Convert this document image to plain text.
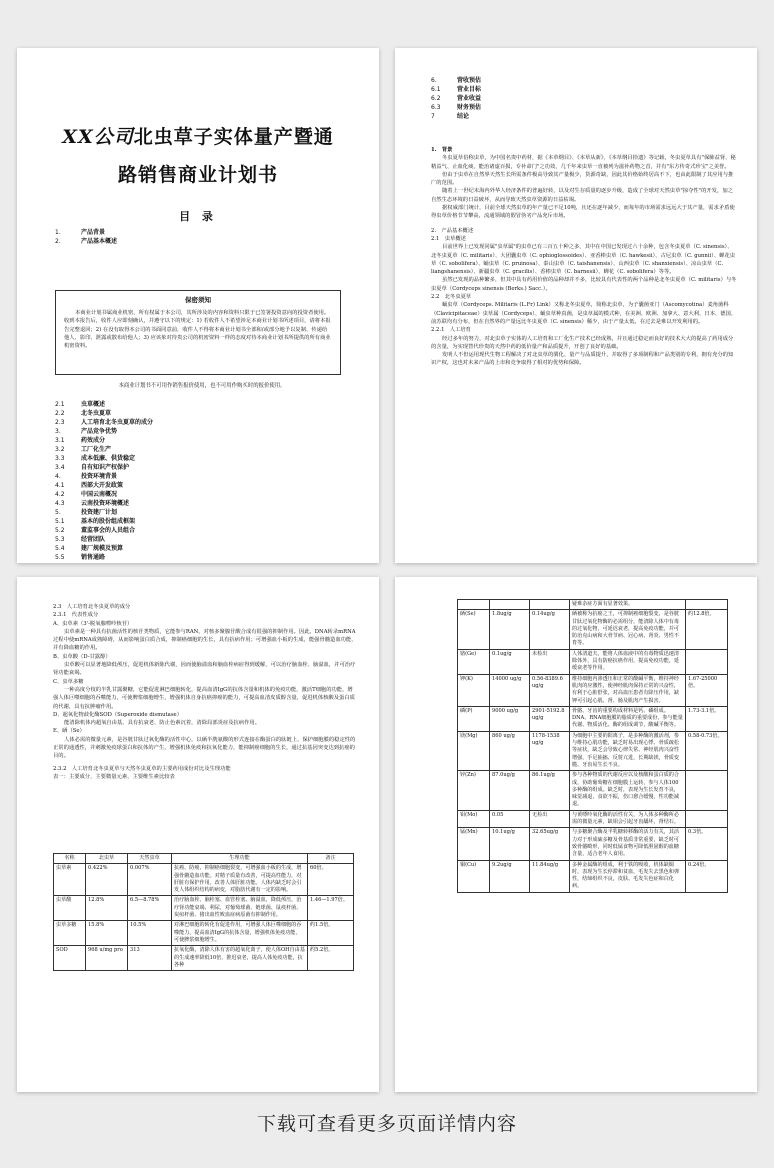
XX公司北虫草子实体量产暨通
路销售商业计划书
目 录
1.	产品背景
2.	产品基本概述
保密须知

本商业计划书属商业机密，所有权属于本公司，其所涉及的内容和资料只限于已签署投资意向的投资者使用。收到本报告后，收件人应即刻确认，并遵守以下的规定：1) 若收件人不希望涉足本商业计划书所述项目，请将本报告完整退回；2) 在没有取得本公司的书面同意前，收件人不得将本商业计划书全部和/或部分地予以复制、传递给他人、影印、泄露或散布给他人；3) 应该象对待贵公司的机密资料一样的态度对待本商业计划书所提供的所有商业机密资料。

本商业计划书不可用作销售报价使用，也不可用作购买时的报价使用。
2.1	虫草概述
2.2	北冬虫夏草
2.3	人工培育北冬虫夏草的成分
3.	产品竞争优势
3.1	药效成分
3.2	工厂化生产
3.3	成本低廉、供货稳定
3.4	自有知识产权保护
4.	投资环境背景
4.1	西部大开发政策
4.2	中国云南概况
4.3	云南投资环境概述
5.	投资建厂计划
5.1	基本的股份组成框架
5.2	董监事会的人员组合
5.3	经营团队
5.4	建厂规模及预算
5.5	销售通路
6.	营收预估
6.1	营业目标
6.2	营业收益
6.3	财务预估
7	结论
1.　背景

冬虫夏草俗称虫草，为中国名贵中药材，据《本草纲目》、《本草从新》、《本草纲目拾遗》等记载，冬虫夏草具有"保肺益肾、秘精益气、止血化痰，能治诸虚百损，专补命门"之功效，几千年来虫草一直被列为滋补药物之首，并有"东方传奇式珍宝"之美誉。

但由于虫草在自然界天然生长所需条件极高导致其产量极少，货源奇缺，因此其价格始终居高不下，也由此限制了其应用与推广的范围。

随着上一世纪末海内外华人经济条件的普遍好转，以及对生存质量的逐步升级，造成了全球对天然虫草"掠夺性"的开发，加之自然生态环境的日益破坏，从而导致天然虫草资源的日益枯竭。

据权威部门统计，目前全球天然虫草的年产量已不足10吨，且还在逐年减少，而每年的市场需求远远大于其产量，需求矛盾使得虫草价格节节攀高，流通领域的假冒伪劣产品充斥市场。

2.　产品基本概述
2.1　虫草概述

目前世界上已发现同属"虫草属"的虫草已有三百五十种之多，其中在中国已发现过六十余种，包含冬虫夏草（C. sinensis）、北冬虫夏草（C. militaris）、大团囊虫草（C. ophioglossoides）、亚香棒虫草（C. hawkesii）、古尼虫草（C. gunnii）、蝉花虫草（C. sobolifera）、蛹虫草（C. pruinosa）、泰山虫草（C. taishanensis）、山西虫草（C. shanxiensis）、凉山虫草（C. liangshanensis）、新疆虫草（C. gracilis）、香棒虫草（C. barnesii）、蝉花（C. sobolifera）等等。

虽然已发现的品种繁多，但其中具有药用价值的品种却并不多，比较具有代表性的两个品种是北冬虫夏草（C. militaris）与冬虫夏草（Cordyceps sinensis (Berks.) Sacc.）。

2.2　北冬虫夏草

蛹虫草（Cordyceps. Militaris (L.Fr) Link）又称北冬虫夏草，简称北虫草，为子囊菌亚门（Ascomycotina）麦角菌科（Clavicipitaceae）虫草属（Cordyceps）、蛹虫草种真菌，是虫草属的模式种，在美洲、欧洲、加拿大、意大利、日本、德国、前苏联均有分布，但在自然界的产量远比冬虫夏草（C. sinensis）稀少，由于产量太低，在过去是难以开发利用的。

2.2.1　人工培育

经过多年的努力，对北虫草子实体的人工培育和工厂化生产技术已经成熟，并且通过稳定而良好的技术大大的提高了药用成分的含量，为实现替代珍贵的天然中药的低价量产和品质提升，开创了良好的基础。

发明人不但运用现代生物工程解决了对北虫草的驯化、量产与品质提升，并取得了多项制程和产品类别的专利，拥有充分的知识产权，这也对未来产品的上市和竞争取得了相对的优势和保障。

2.3　人工培育北冬虫夏草的成分
2.3.1　代表性成分
A、虫草素（3'-脱氧腺嘌呤核苷）

虫草素是一种具有抗菌活性的核苷类物质，它能参与RAN，对核多聚腺苷酸合成有很强的抑制作用。因此，DNA转录mRNA过程中使mRNA成熟障碍，从而影响蛋白质合成，抑制癌细胞的生长，具有抗病作用；可增强血小板的生成，能强骨髓造血功能，并有降血糖的作用。

B、虫草酸（D-甘露醇）

虫草酸可以显著地降低颅压，促进机体新陈代谢，因而使脑溢血和脑血栓病症得到缓解，可以治疗脑血栓、脑溢血，并可治疗肾功能衰竭。

C、虫草多糖

一种高度分枝的半乳甘露聚糖，它能促进淋巴细胞转化，提高血清IgG的抗体含量和机体的免疫功能，激活T细胞的功能，增强人体巨噬细胞的吞噬能力，可使脾浆细胞增生，增强机体自身抗癌抑癌的能力，可提高血清皮质醇含量，促进机体核酸及蛋白质的代谢，具有抗肿瘤作用。

D、超氧化物歧化酶SOD（Superoxide dismutase）

能清除机体内超氧自由基，具有抗衰老、防止色素沉着，清除局部炎症及抗病作用。

E、硒（Se）

人体必需的微量元素，是谷胱甘肽过氧化酶的活性中心，以硒半胱氨酸的形式连接在酶蛋白的肽链上，保护细胞膜的稳定性的正常的通透性，并刺激免疫球蛋白和抗体的产生，增强机体免疫和抗氧化能力，能抑制癌细胞的生长，通过抗基因突变达到抗癌的目的。

2.3.2　人工培育北冬虫夏草与天然冬虫夏草的主要药用成份对比及生理功能
表一：主要成分、主要微量元素、主要维生素比较表
名称	北虫草	天然虫草	生理功能	备注
虫草素	0.422%	0.007%	抗癌、防癌、抑制癌细胞裂变，可增强血小板的生成，增强骨髓造血功能。对精子质量有改善，可提高性能力，对肝脏有保护作用，改善人体肝脏功能。人体内缺乏时会引发人体组织结构的病变，对脂肪代谢有一定的影响。	60倍。
虫草酸	12.8%	6.5—8.78%	治疗脑血栓、脑栓塞、血管栓塞、脑溢血，降低颅压，治疗肾功能衰竭、利尿，对葡萄球菌、链球菌、鼠疫杆菌、炭疽杆菌、猪出血性败血症病原菌有抑制作用。	1.46—1.97倍。
虫草多糖	15.8%	10.5%	对淋巴细胞的转化有促进作用，可增强人体巨噬细胞的吞噬能力，提高血清IgG的抗体含量，增强机体免疫功能，可使脾浆细胞增生。	约1.5倍。
SOD	968 u/mg pro	313	抗氧化酶，清除人体有害的超氧化离子，使人体OH自由基的生成速率降低10倍，推迟衰老，提高人体免疫功能，抗各种	约5.2倍。
			疑难杂症方面有显著效果。	
硒(Se)	1.8ug/g	0.14ug/g	硒被称为抗癌之王，可抑制癌细胞裂变，是谷胱甘肽过氧化物酶的必需组分，能清除人体中有毒的过氧化物，可延迟衰老，提高免疫功能，并可防治克山病和大骨节病、冠心病、肾炎、男性不育等。	约12.8倍。
锗(Ge)	0.1ug/g	未检出	人体清道夫，能将人体血液中的有毒物质迅速清除体外，具有防癌抗癌作用，提高免疫功能，延缓衰老等作用。	
钾(K)	14000 ug/g	0.56-8389.6 ug/g	维持细胞内渗透压和正常的酸碱平衡，维持神经肌肉的应激性，使神经肌肉保持正常的兴奋性，有利于心脏舒张，对高血压患者有降压作用，缺钾可引起心肌、肾、肠及肌肉产生损害。	1.67-25000倍。
磷(P)	9000 ug/g	2901-5192.8 ug/g	骨骼、牙齿的重要构成材料是钙、磷组成。DNA、RNA细胞膜的脂质的重要成份，参与能量代谢、物质活化、酶的组成调节，酸碱平衡等。	1.73-3.1倍。
镁(Mg)	860 ug/g	1178-1538 ug/g	为细胞中主要的阳离子，是多种酶的激活剂，参与维持心肌功能，缺乏时易出现心悸、骨质疏松等症状，缺乏会导致心律失常、神经肌肉兴奋性增强，手足抽搐、反射亢进，长期缺镁，骨质变脆、牙齿易生长不良。	0.58-0.73倍。
锌(Zn)	87.0ug/g	86.1ug/g	参与各种物质的代谢反应以及核酸和蛋白质的合成，协助葡萄糖在细胞膜上运转，参与人体100多种酶的组成。缺乏时，表现为生长发育不良，味觉减退，食欲不振，伤口愈合缓慢，性功能减退。	
钼(Mo)	0.05	无检出	与黄嘌呤氧化酶的活性有关，为人体多种酶所必需的微量元素，缺钼会引起牙齿龋坏，肾结石。	
锰(Mn)	10.1ug/g	32.65ug/g	与多糖聚合酶及半乳糖转移酶的活力有关，其活力对于形成硫多糖及骨基质非常重要，缺乏时可致骨骼畸形，同时低锰食物可降低胆固醇的血糖含量，适合老年人食用。	0.3倍。
铜(Cu)	9.2ug/g	11.84ug/g	多种金属酶的组成，利于铁的吸收，机体缺铜时，表现为生长停滞和贫血，毛发失去黑色和弹性，结缔组织不良，皮肤、毛发失色症和白化病。	0.24倍。
下载可查看更多页面详情内容
